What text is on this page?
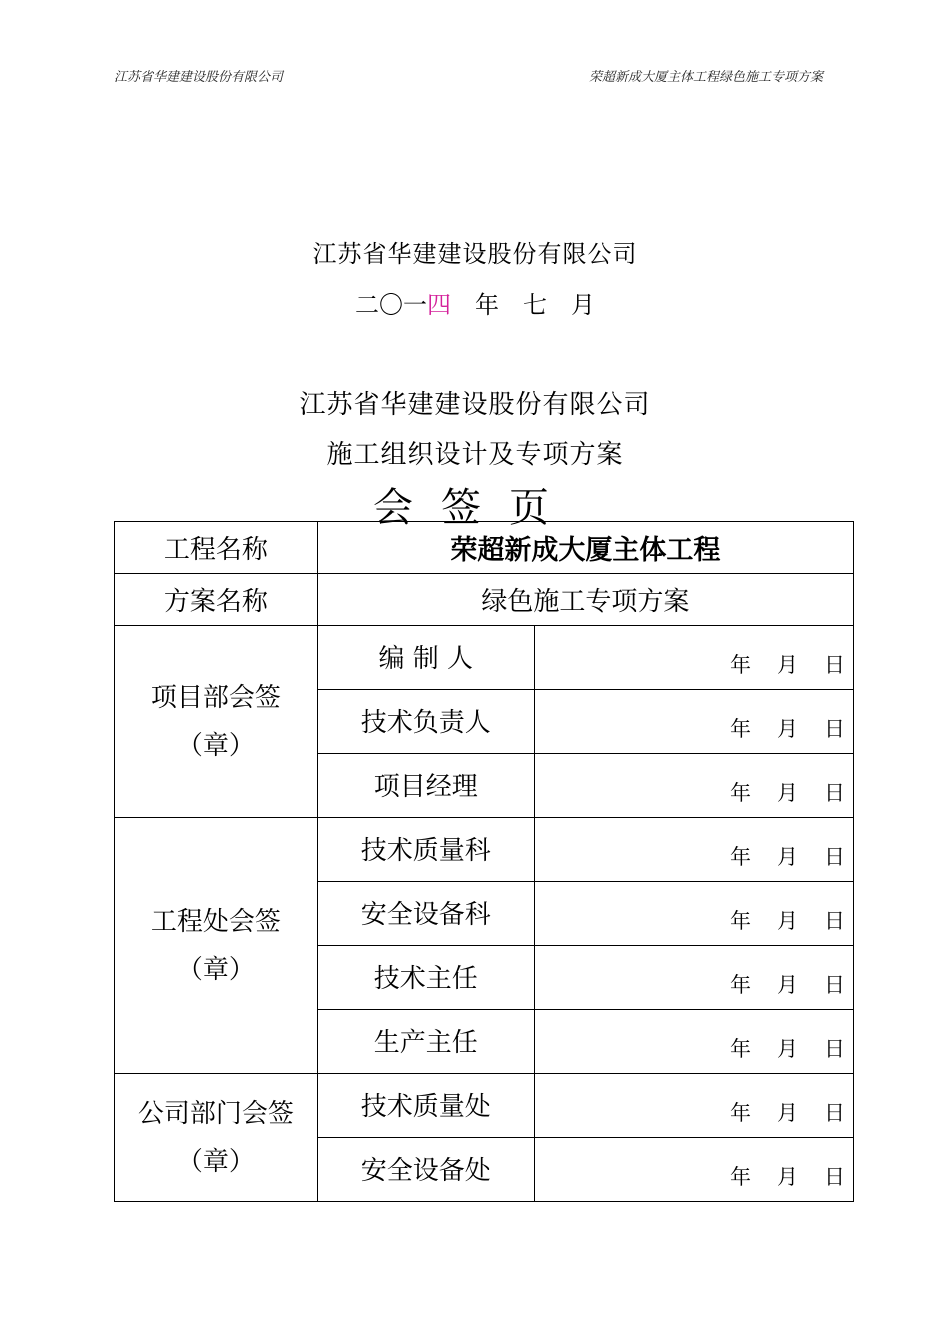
江苏省华建建设股份有限公司	荣超新成大厦主体工程绿色施工专项方案
江苏省华建建设股份有限公司
二〇一四 年 七 月
江苏省华建建设股份有限公司
施工组织设计及专项方案
会签页
工程名称	荣超新成大厦主体工程	
方案名称	绿色施工专项方案	

项目部会签
（章）	编 制 人	年 月 日
	技术负责人	年 月 日
	项目经理	年 月 日

工程处会签
（章）	技术质量科	年 月 日
	安全设备科	年 月 日
	技术主任	年 月 日
	生产主任	年 月 日

公司部门会签
（章）	技术质量处	年 月 日
	安全设备处	年 月 日
